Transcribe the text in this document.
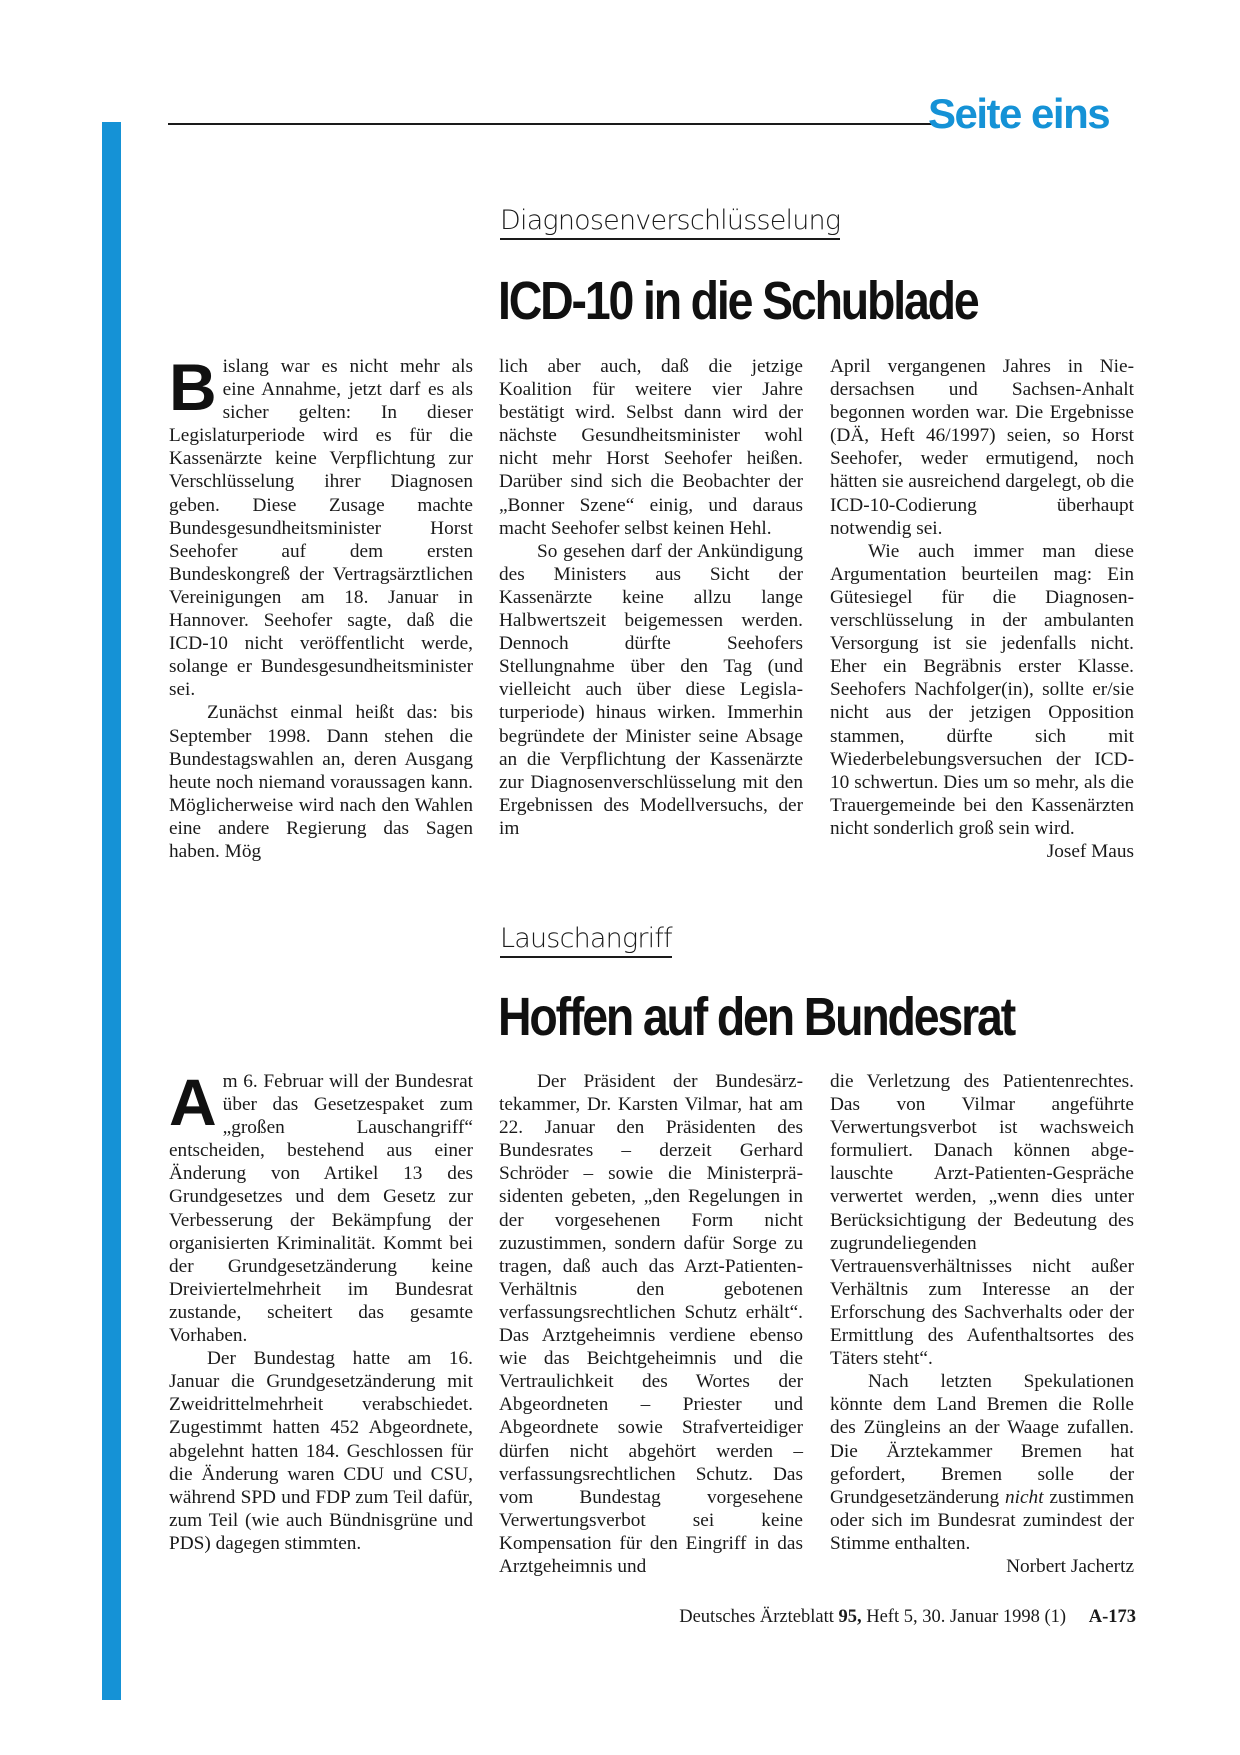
Seite eins
Diagnosenverschlüsselung
ICD-10 in die Schublade

Bislang war es nicht mehr als eine Annahme, jetzt darf es als sicher gelten: In dieser Legislaturperiode wird es für die Kassenärzte keine Verpflichtung zur Verschlüsselung ihrer Diagnosen geben. Diese Zusage machte Bundesgesundheitsminister Horst Seehofer auf dem ersten Bundeskongreß der Vertragsärztlichen Vereinigungen am 18. Januar in Hannover. Seehofer sagte, daß die ICD-10 nicht veröffentlicht werde, solange er Bundesgesundheitsminister sei.

Zunächst einmal heißt das: bis September 1998. Dann stehen die Bundestagswahlen an, deren Ausgang heute noch niemand voraussagen kann. Möglicherweise wird nach den Wahlen eine andere Regierung das Sagen haben. Mög

lich aber auch, daß die jetzige Koalition für weitere vier Jahre bestätigt wird. Selbst dann wird der nächste Gesundheitsminister wohl nicht mehr Horst Seehofer heißen. Darüber sind sich die Beobachter der „Bonner Szene“ einig, und daraus macht Seehofer selbst keinen Hehl.

So gesehen darf der Ankündigung des Ministers aus Sicht der Kassenärzte keine allzu lange Halbwertszeit beigemessen werden. Dennoch dürfte Seehofers Stellungnahme über den Tag (und vielleicht auch über diese Legislaturperiode) hinaus wirken. Immerhin begründete der Minister seine Absage an die Verpflichtung der Kassenärzte zur Diagnosenverschlüsselung mit den Ergebnissen des Modellversuchs, der im

April vergangenen Jahres in Niedersachsen und Sachsen-Anhalt begonnen worden war. Die Ergebnisse (DÄ, Heft 46/1997) seien, so Horst Seehofer, weder ermutigend, noch hätten sie ausreichend dargelegt, ob die ICD-10-Codierung überhaupt notwendig sei.

Wie auch immer man diese Argumentation beurteilen mag: Ein Gütesiegel für die Diagnosenverschlüsselung in der ambulanten Versorgung ist sie jedenfalls nicht. Eher ein Begräbnis erster Klasse. Seehofers Nachfolger(in), sollte er/sie nicht aus der jetzigen Opposition stammen, dürfte sich mit Wiederbelebungsversuchen der ICD-10 schwertun. Dies um so mehr, als die Trauergemeinde bei den Kassenärzten nicht sonderlich groß sein wird.
Josef Maus

Lauschangriff
Hoffen auf den Bundesrat

Am 6. Februar will der Bundesrat über das Gesetzespaket zum „großen Lauschangriff“ entscheiden, bestehend aus einer Änderung von Artikel 13 des Grundgesetzes und dem Gesetz zur Verbesserung der Bekämpfung der organisierten Kriminalität. Kommt bei der Grundgesetzänderung keine Dreiviertelmehrheit im Bundesrat zustande, scheitert das gesamte Vorhaben.

Der Bundestag hatte am 16. Januar die Grundgesetzänderung mit Zweidrittelmehrheit verabschiedet. Zugestimmt hatten 452 Abgeordnete, abgelehnt hatten 184. Geschlossen für die Änderung waren CDU und CSU, während SPD und FDP zum Teil dafür, zum Teil (wie auch Bündnisgrüne und PDS) dagegen stimmten.

Der Präsident der Bundesärztekammer, Dr. Karsten Vilmar, hat am 22. Januar den Präsidenten des Bundesrates – derzeit Gerhard Schröder – sowie die Ministerpräsidenten gebeten, „den Regelungen in der vorgesehenen Form nicht zuzustimmen, sondern dafür Sorge zu tragen, daß auch das Arzt-Patienten-Verhältnis den gebotenen verfassungsrechtlichen Schutz erhält“. Das Arztgeheimnis verdiene ebenso wie das Beichtgeheimnis und die Vertraulichkeit des Wortes der Abgeordneten – Priester und Abgeordnete sowie Strafverteidiger dürfen nicht abgehört werden – verfassungsrechtlichen Schutz. Das vom Bundestag vorgesehene Verwertungsverbot sei keine Kompensation für den Eingriff in das Arztgeheimnis und

die Verletzung des Patientenrechtes. Das von Vilmar angeführte Verwertungsverbot ist wachsweich formuliert. Danach können abgelauschte Arzt-Patienten-Gespräche verwertet werden, „wenn dies unter Berücksichtigung der Bedeutung des zugrundeliegenden Vertrauensverhältnisses nicht außer Verhältnis zum Interesse an der Erforschung des Sachverhalts oder der Ermittlung des Aufenthaltsortes des Täters steht“.

Nach letzten Spekulationen könnte dem Land Bremen die Rolle des Züngleins an der Waage zufallen. Die Ärztekammer Bremen hat gefordert, Bremen solle der Grundgesetzänderung nicht zustimmen oder sich im Bundesrat zumindest der Stimme enthalten.
Norbert Jachertz

Deutsches Ärzteblatt 95, Heft 5, 30. Januar 1998 (1) A-173
